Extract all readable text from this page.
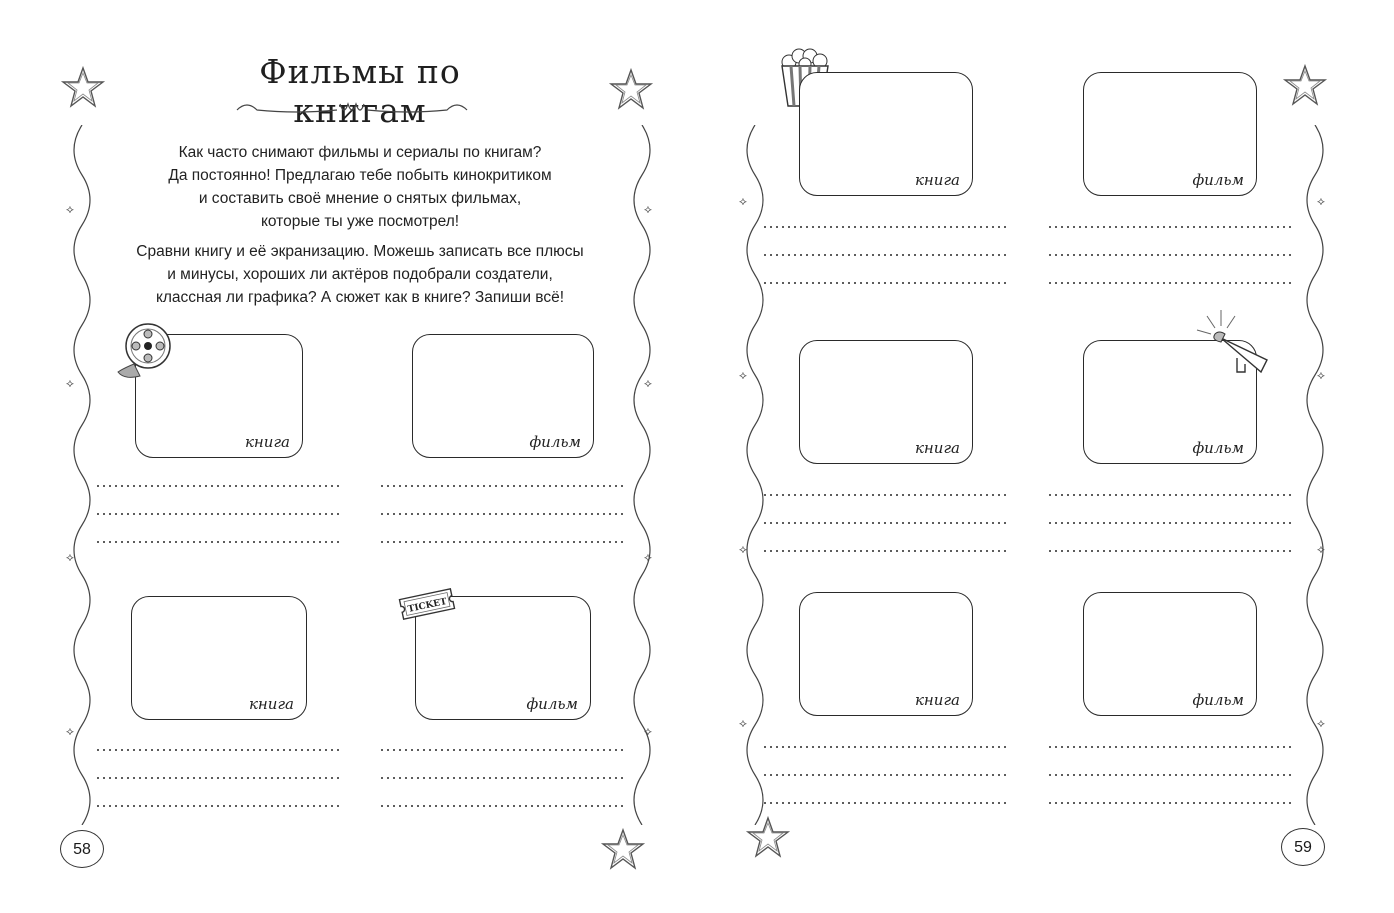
⟡
⟡
⟡
⟡
⟡
⟡
⟡
⟡
Фильмы по книгам

Как часто снимают фильмы и сериалы по книгам?

Да постоянно! Предлагаю тебе побыть кинокритиком

и составить своё мнение о снятых фильмах,

которые ты уже посмотрел!

Сравни книгу и её экранизацию. Можешь записать все плюсы

и минусы, хороших ли актёров подобрали создатели,

классная ли графика? А сюжет как в книге? Запиши всё!

книга	фильм
книга	фильм
TICKET
58
⟡
⟡
⟡
⟡
⟡
⟡
⟡
⟡
книга	фильм
книга	фильм
книга	фильм
59
